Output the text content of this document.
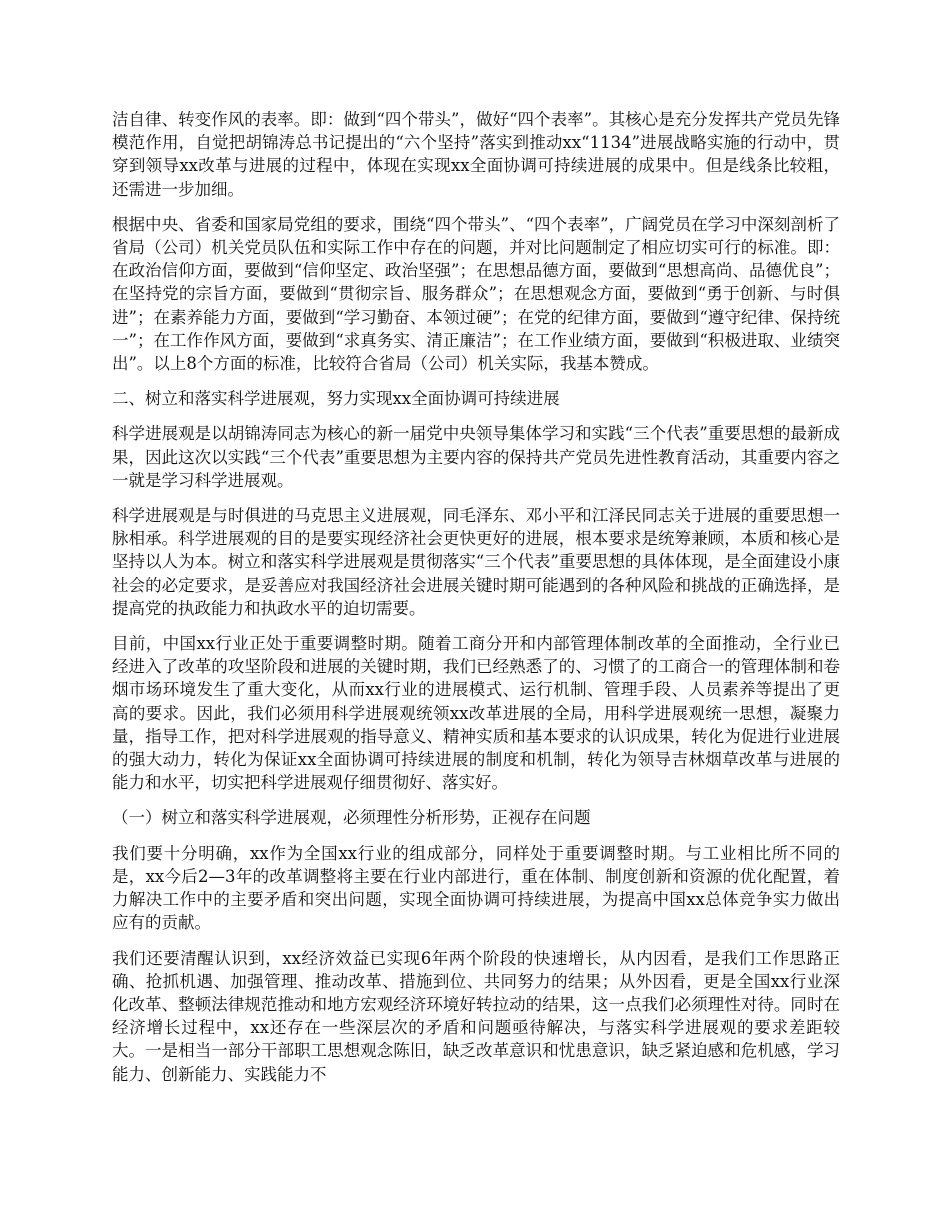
洁自律、转变作风的表率。即：做到“四个带头”，做好“四个表率”。其核心是充分发挥共产党员先锋模范作用，自觉把胡锦涛总书记提出的“六个坚持”落实到推动xx“1134”进展战略实施的行动中，贯穿到领导xx改革与进展的过程中，体现在实现xx全面协调可持续进展的成果中。但是线条比较粗，还需进一步加细。

根据中央、省委和国家局党组的要求，围绕“四个带头”、“四个表率”，广阔党员在学习中深刻剖析了省局（公司）机关党员队伍和实际工作中存在的问题，并对比问题制定了相应切实可行的标准。即：在政治信仰方面，要做到“信仰坚定、政治坚强”；在思想品德方面，要做到“思想高尚、品德优良”；在坚持党的宗旨方面，要做到“贯彻宗旨、服务群众”；在思想观念方面，要做到“勇于创新、与时俱进”；在素养能力方面，要做到“学习勤奋、本领过硬”；在党的纪律方面，要做到“遵守纪律、保持统一”；在工作作风方面，要做到“求真务实、清正廉洁”；在工作业绩方面，要做到“积极进取、业绩突出”。以上8个方面的标准，比较符合省局（公司）机关实际，我基本赞成。

二、树立和落实科学进展观，努力实现xx全面协调可持续进展

科学进展观是以胡锦涛同志为核心的新一届党中央领导集体学习和实践“三个代表”重要思想的最新成果，因此这次以实践“三个代表”重要思想为主要内容的保持共产党员先进性教育活动，其重要内容之一就是学习科学进展观。

科学进展观是与时俱进的马克思主义进展观，同毛泽东、邓小平和江泽民同志关于进展的重要思想一脉相承。科学进展观的目的是要实现经济社会更快更好的进展，根本要求是统筹兼顾，本质和核心是坚持以人为本。树立和落实科学进展观是贯彻落实“三个代表”重要思想的具体体现，是全面建设小康社会的必定要求，是妥善应对我国经济社会进展关键时期可能遇到的各种风险和挑战的正确选择，是提高党的执政能力和执政水平的迫切需要。

目前，中国xx行业正处于重要调整时期。随着工商分开和内部管理体制改革的全面推动，全行业已经进入了改革的攻坚阶段和进展的关键时期，我们已经熟悉了的、习惯了的工商合一的管理体制和卷烟市场环境发生了重大变化，从而xx行业的进展模式、运行机制、管理手段、人员素养等提出了更高的要求。因此，我们必须用科学进展观统领xx改革进展的全局，用科学进展观统一思想，凝聚力量，指导工作，把对科学进展观的指导意义、精神实质和基本要求的认识成果，转化为促进行业进展的强大动力，转化为保证xx全面协调可持续进展的制度和机制，转化为领导吉林烟草改革与进展的能力和水平，切实把科学进展观仔细贯彻好、落实好。

（一）树立和落实科学进展观，必须理性分析形势，正视存在问题

我们要十分明确，xx作为全国xx行业的组成部分，同样处于重要调整时期。与工业相比所不同的是，xx今后2—3年的改革调整将主要在行业内部进行，重在体制、制度创新和资源的优化配置，着力解决工作中的主要矛盾和突出问题，实现全面协调可持续进展，为提高中国xx总体竞争实力做出应有的贡献。

我们还要清醒认识到，xx经济效益已实现6年两个阶段的快速增长，从内因看，是我们工作思路正确、抢抓机遇、加强管理、推动改革、措施到位、共同努力的结果；从外因看，更是全国xx行业深化改革、整顿法律规范推动和地方宏观经济环境好转拉动的结果，这一点我们必须理性对待。同时在经济增长过程中，xx还存在一些深层次的矛盾和问题亟待解决，与落实科学进展观的要求差距较大。一是相当一部分干部职工思想观念陈旧，缺乏改革意识和忧患意识，缺乏紧迫感和危机感，学习能力、创新能力、实践能力不
